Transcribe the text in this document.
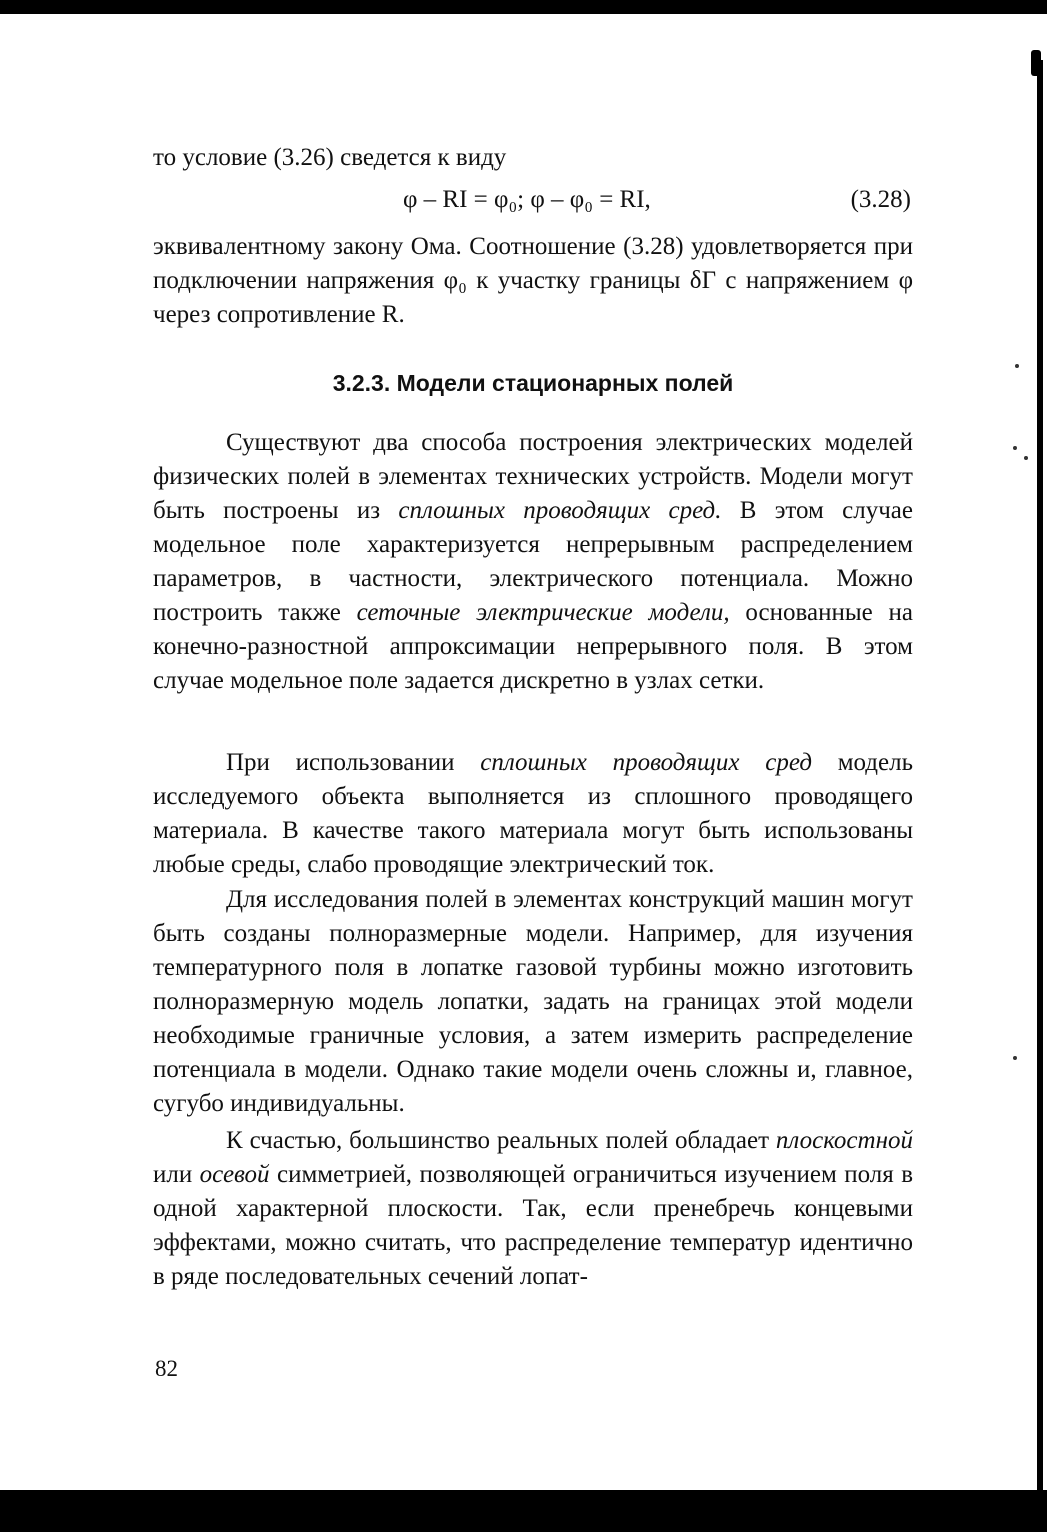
то условие (3.26) сведется к виду

φ – RI = φ₀; φ – φ₀ = RI,	(3.28)

эквивалентному закону Ома. Соотношение (3.28) удовлетворяется при подключении напряжения φ₀ к участку границы δГ с напряжением φ через сопротивление R.

3.2.3. Модели стационарных полей

Существуют два способа построения электрических моделей физических полей в элементах технических устройств. Модели могут быть построены из сплошных проводящих сред. В этом случае модельное поле характеризуется непрерывным распределением параметров, в частности, электрического потенциала. Можно построить также сеточные электрические модели, основанные на конечно-разностной аппроксимации непрерывного поля. В этом случае модельное поле задается дискретно в узлах сетки.

При использовании сплошных проводящих сред модель исследуемого объекта выполняется из сплошного проводящего материала. В качестве такого материала могут быть использованы любые среды, слабо проводящие электрический ток.

Для исследования полей в элементах конструкций машин могут быть созданы полноразмерные модели. Например, для изучения температурного поля в лопатке газовой турбины можно изготовить полноразмерную модель лопатки, задать на границах этой модели необходимые граничные условия, а затем измерить распределение потенциала в модели. Однако такие модели очень сложны и, главное, сугубо индивидуальны.

К счастью, большинство реальных полей обладает плоскостной или осевой симметрией, позволяющей ограничиться изучением поля в одной характерной плоскости. Так, если пренебречь концевыми эффектами, можно считать, что распределение температур идентично в ряде последовательных сечений лопат-

82
